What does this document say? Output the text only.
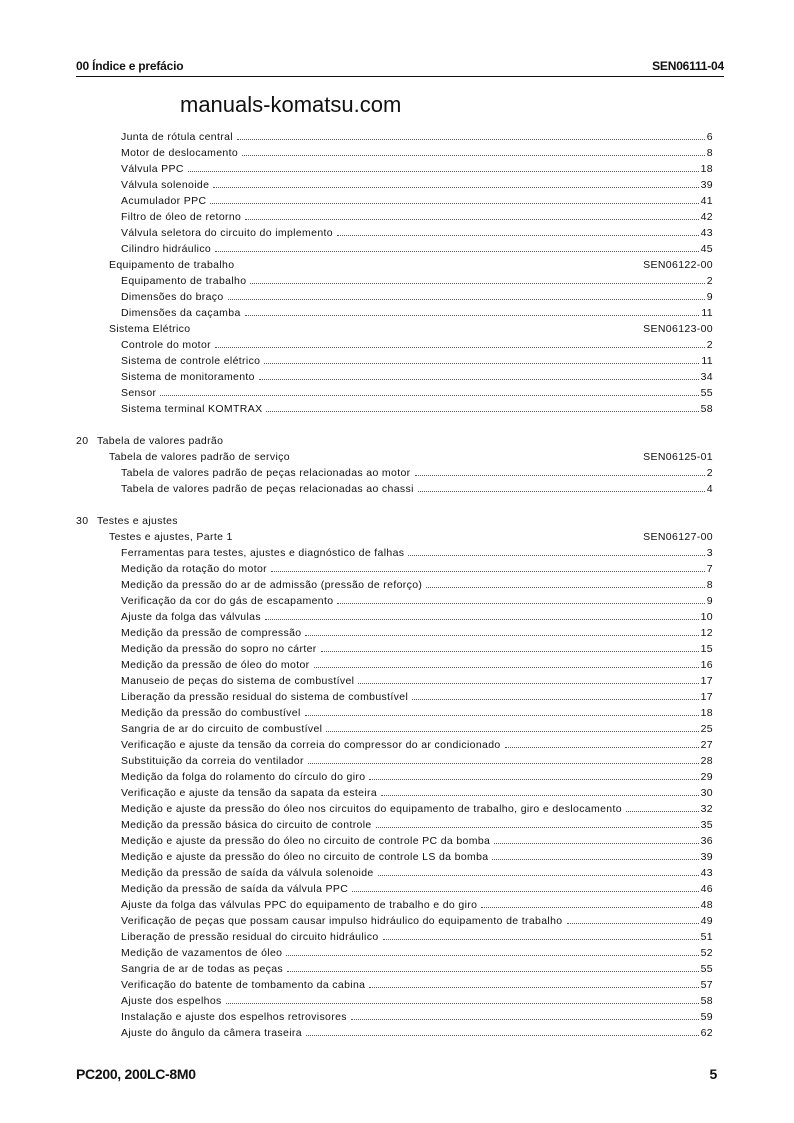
00 Índice e prefácio	SEN06111-04
manuals-komatsu.com
Junta de rótula central	6
Motor de deslocamento	8
Válvula PPC	18
Válvula solenoide	39
Acumulador PPC	41
Filtro de óleo de retorno	42
Válvula seletora do circuito do implemento	43
Cilindro hidráulico	45
Equipamento de trabalho	SEN06122-00
Equipamento de trabalho	2
Dimensões do braço	9
Dimensões da caçamba	11
Sistema Elétrico	SEN06123-00
Controle do motor	2
Sistema de controle elétrico	11
Sistema de monitoramento	34
Sensor	55
Sistema terminal KOMTRAX	58
20 Tabela de valores padrão
Tabela de valores padrão de serviço	SEN06125-01
Tabela de valores padrão de peças relacionadas ao motor	2
Tabela de valores padrão de peças relacionadas ao chassi	4
30 Testes e ajustes
Testes e ajustes, Parte 1	SEN06127-00
Ferramentas para testes, ajustes e diagnóstico de falhas	3
Medição da rotação do motor	7
Medição da pressão do ar de admissão (pressão de reforço)	8
Verificação da cor do gás de escapamento	9
Ajuste da folga das válvulas	10
Medição da pressão de compressão	12
Medição da pressão do sopro no cárter	15
Medição da pressão de óleo do motor	16
Manuseio de peças do sistema de combustível	17
Liberação da pressão residual do sistema de combustível	17
Medição da pressão do combustível	18
Sangria de ar do circuito de combustível	25
Verificação e ajuste da tensão da correia do compressor do ar condicionado	27
Substituição da correia do ventilador	28
Medição da folga do rolamento do círculo do giro	29
Verificação e ajuste da tensão da sapata da esteira	30
Medição e ajuste da pressão do óleo nos circuitos do equipamento de trabalho, giro e deslocamento	32
Medição da pressão básica do circuito de controle	35
Medição e ajuste da pressão do óleo no circuito de controle PC da bomba	36
Medição e ajuste da pressão do óleo no circuito de controle LS da bomba	39
Medição da pressão de saída da válvula solenoide	43
Medição da pressão de saída da válvula PPC	46
Ajuste da folga das válvulas PPC do equipamento de trabalho e do giro	48
Verificação de peças que possam causar impulso hidráulico do equipamento de trabalho	49
Liberação de pressão residual do circuito hidráulico	51
Medição de vazamentos de óleo	52
Sangria de ar de todas as peças	55
Verificação do batente de tombamento da cabina	57
Ajuste dos espelhos	58
Instalação e ajuste dos espelhos retrovisores	59
Ajuste do ângulo da câmera traseira	62
PC200, 200LC-8M0	5
